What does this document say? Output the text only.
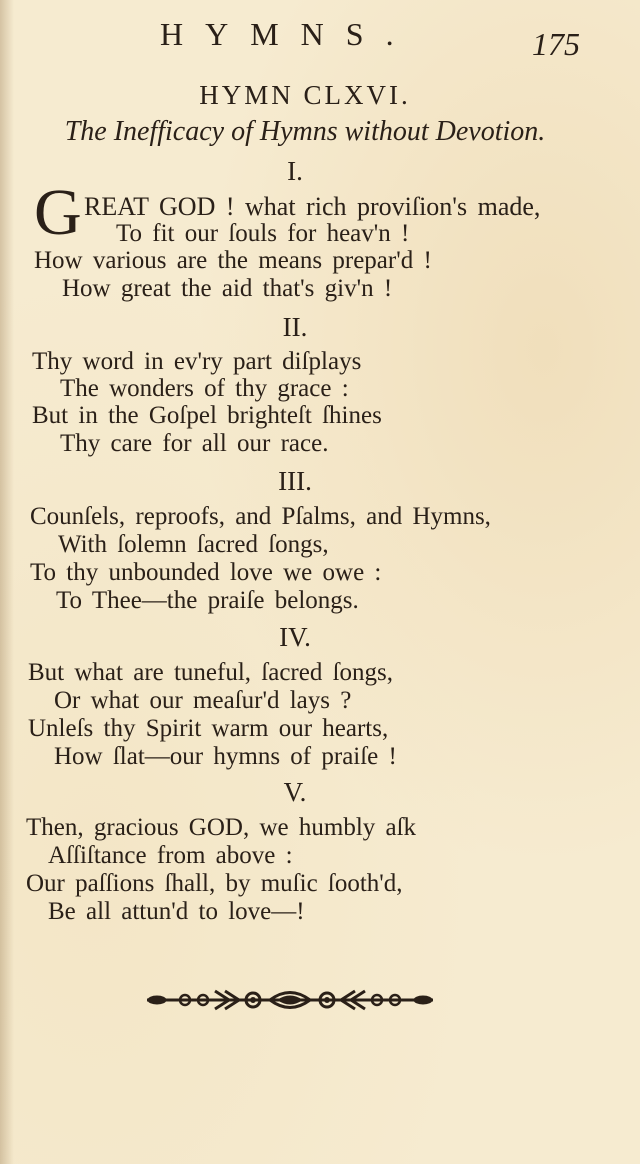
HYMNS.	175
HYMN CLXVI.
The Inefficacy of Hymns without Devotion.
I.
G REAT GOD ! what rich proviſion's made,
To fit our ſouls for heav'n !
How various are the means prepar'd !
How great the aid that's giv'n !
II.
Thy word in ev'ry part diſplays
The wonders of thy grace :
But in the Goſpel brighteſt ſhines
Thy care for all our race.
III.
Counſels, reproofs, and Pſalms, and Hymns,
With ſolemn ſacred ſongs,
To thy unbounded love we owe :
To Thee—the praiſe belongs.
IV.
But what are tuneful, ſacred ſongs,
Or what our meaſur'd lays ?
Unleſs thy Spirit warm our hearts,
How ſlat—our hymns of praiſe !
V.
Then, gracious GOD, we humbly aſk
Aſſiſtance from above :
Our paſſions ſhall, by muſic ſooth'd,
Be all attun'd to love—!
